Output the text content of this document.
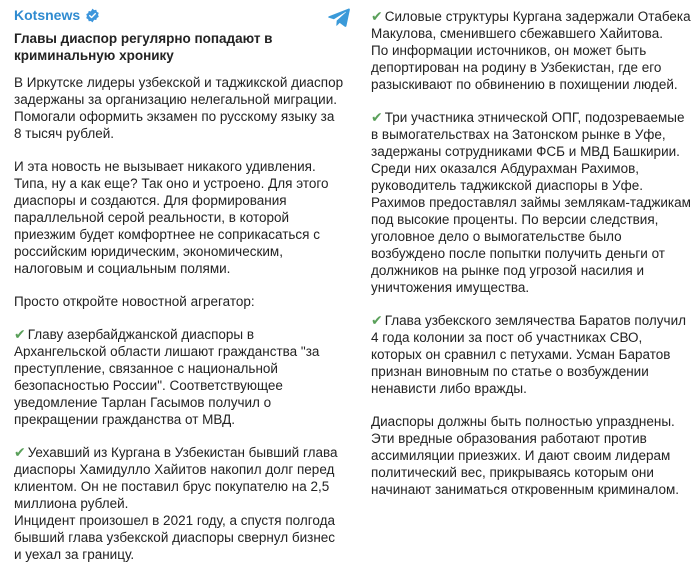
Kotsnews
Главы диаспор регулярно попадают в криминальную хронику

В Иркутске лидеры узбекской и таджикской диаспор задержаны за организацию нелегальной миграции. Помогали оформить экзамен по русскому языку за 8 тысяч рублей.

И эта новость не вызывает никакого удивления. Типа, ну а как еще? Так оно и устроено. Для этого диаспоры и создаются. Для формирования параллельной серой реальности, в которой приезжим будет комфортнее не соприкасаться с российским юридическим, экономическим, налоговым и социальным полями.

Просто откройте новостной агрегатор:

✔ Главу азербайджанской диаспоры в Архангельской области лишают гражданства "за преступление, связанное с национальной безопасностью России". Соответствующее уведомление Тарлан Гасымов получил о прекращении гражданства от МВД.

✔ Уехавший из Кургана в Узбекистан бывший глава диаспоры Хамидулло Хайитов накопил долг перед клиентом. Он не поставил брус покупателю на 2,5 миллиона рублей.

Инцидент произошел в 2021 году, а спустя полгода бывший глава узбекской диаспоры свернул бизнес и уехал за границу.

✔ Силовые структуры Кургана задержали Отабека Макулова, сменившего сбежавшего Хайитова.

По информации источников, он может быть депортирован на родину в Узбекистан, где его разыскивают по обвинению в похищении людей.

✔ Три участника этнической ОПГ, подозреваемые в вымогательствах на Затонском рынке в Уфе, задержаны сотрудниками ФСБ и МВД Башкирии. Среди них оказался Абдурахман Рахимов, руководитель таджикской диаспоры в Уфе.

Рахимов предоставлял займы землякам-таджикам под высокие проценты. По версии следствия, уголовное дело о вымогательстве было возбуждено после попытки получить деньги от должников на рынке под угрозой насилия и уничтожения имущества.

✔ Глава узбекского землячества Баратов получил 4 года колонии за пост об участниках СВО, которых он сравнил с петухами. Усман Баратов признан виновным по статье о возбуждении ненависти либо вражды.

Диаспоры должны быть полностью упразднены. Эти вредные образования работают против ассимиляции приезжих. И дают своим лидерам политический вес, прикрываясь которым они начинают заниматься откровенным криминалом.
